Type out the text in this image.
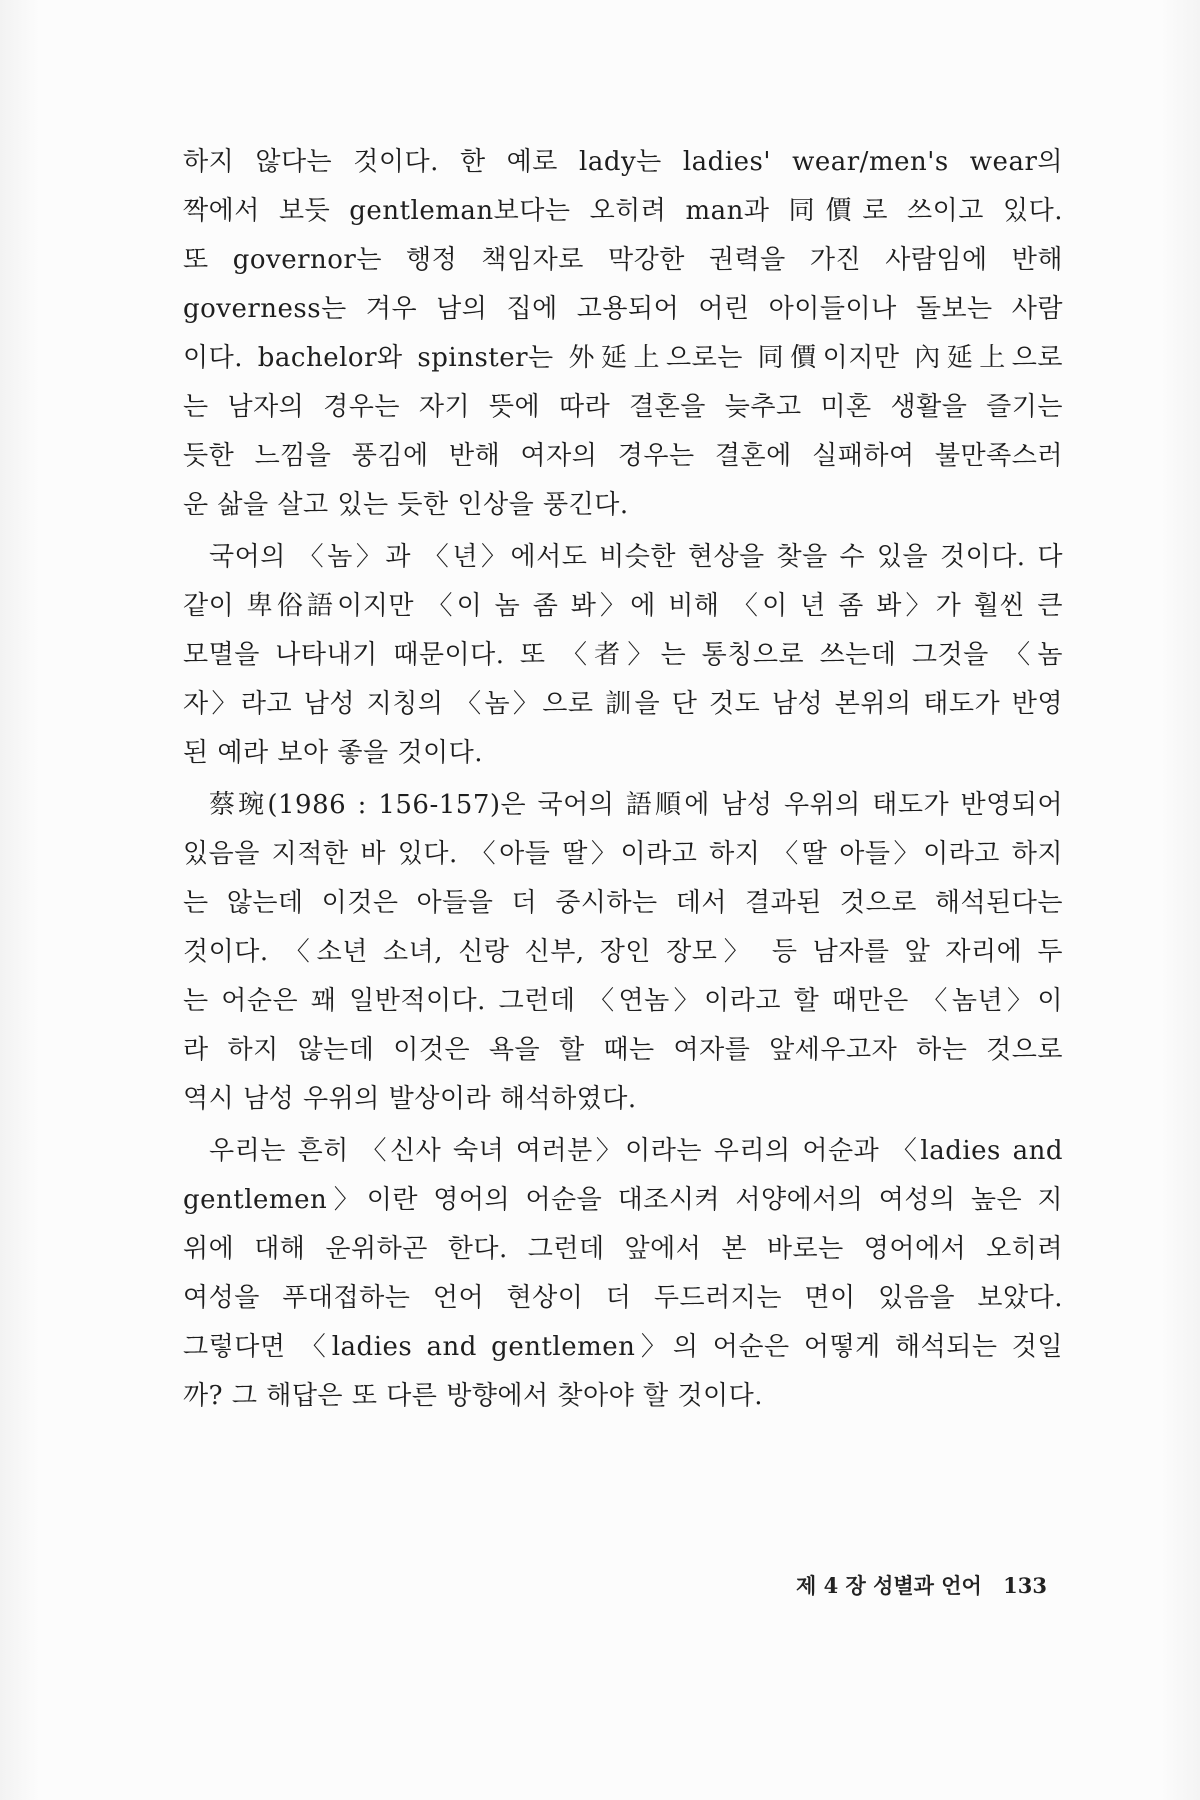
하지 않다는 것이다. 한 예로 lady는 ladies' wear/men's wear의
짝에서 보듯 gentleman보다는 오히려 man과 同價로 쓰이고 있다.
또 governor는 행정 책임자로 막강한 권력을 가진 사람임에 반해
governess는 겨우 남의 집에 고용되어 어린 아이들이나 돌보는 사람
이다. bachelor와 spinster는 外延上으로는 同價이지만 內延上으로
는 남자의 경우는 자기 뜻에 따라 결혼을 늦추고 미혼 생활을 즐기는
듯한 느낌을 풍김에 반해 여자의 경우는 결혼에 실패하여 불만족스러
운 삶을 살고 있는 듯한 인상을 풍긴다.
국어의 〈놈〉과 〈년〉에서도 비슷한 현상을 찾을 수 있을 것이다. 다
같이 卑俗語이지만 〈이 놈 좀 봐〉에 비해 〈이 년 좀 봐〉가 훨씬 큰
모멸을 나타내기 때문이다. 또 〈者〉는 통칭으로 쓰는데 그것을 〈놈
자〉라고 남성 지칭의 〈놈〉으로 訓을 단 것도 남성 본위의 태도가 반영
된 예라 보아 좋을 것이다.
蔡琬(1986 : 156-157)은 국어의 語順에 남성 우위의 태도가 반영되어
있음을 지적한 바 있다. 〈아들 딸〉이라고 하지 〈딸 아들〉이라고 하지
는 않는데 이것은 아들을 더 중시하는 데서 결과된 것으로 해석된다는
것이다. 〈소년 소녀, 신랑 신부, 장인 장모〉 등 남자를 앞 자리에 두
는 어순은 꽤 일반적이다. 그런데 〈연놈〉이라고 할 때만은 〈놈년〉이
라 하지 않는데 이것은 욕을 할 때는 여자를 앞세우고자 하는 것으로
역시 남성 우위의 발상이라 해석하였다.
우리는 흔히 〈신사 숙녀 여러분〉이라는 우리의 어순과 〈ladies and
gentlemen〉이란 영어의 어순을 대조시켜 서양에서의 여성의 높은 지
위에 대해 운위하곤 한다. 그런데 앞에서 본 바로는 영어에서 오히려
여성을 푸대접하는 언어 현상이 더 두드러지는 면이 있음을 보았다.
그렇다면 〈ladies and gentlemen〉의 어순은 어떻게 해석되는 것일
까? 그 해답은 또 다른 방향에서 찾아야 할 것이다.
제 4 장 성별과 언어 133
